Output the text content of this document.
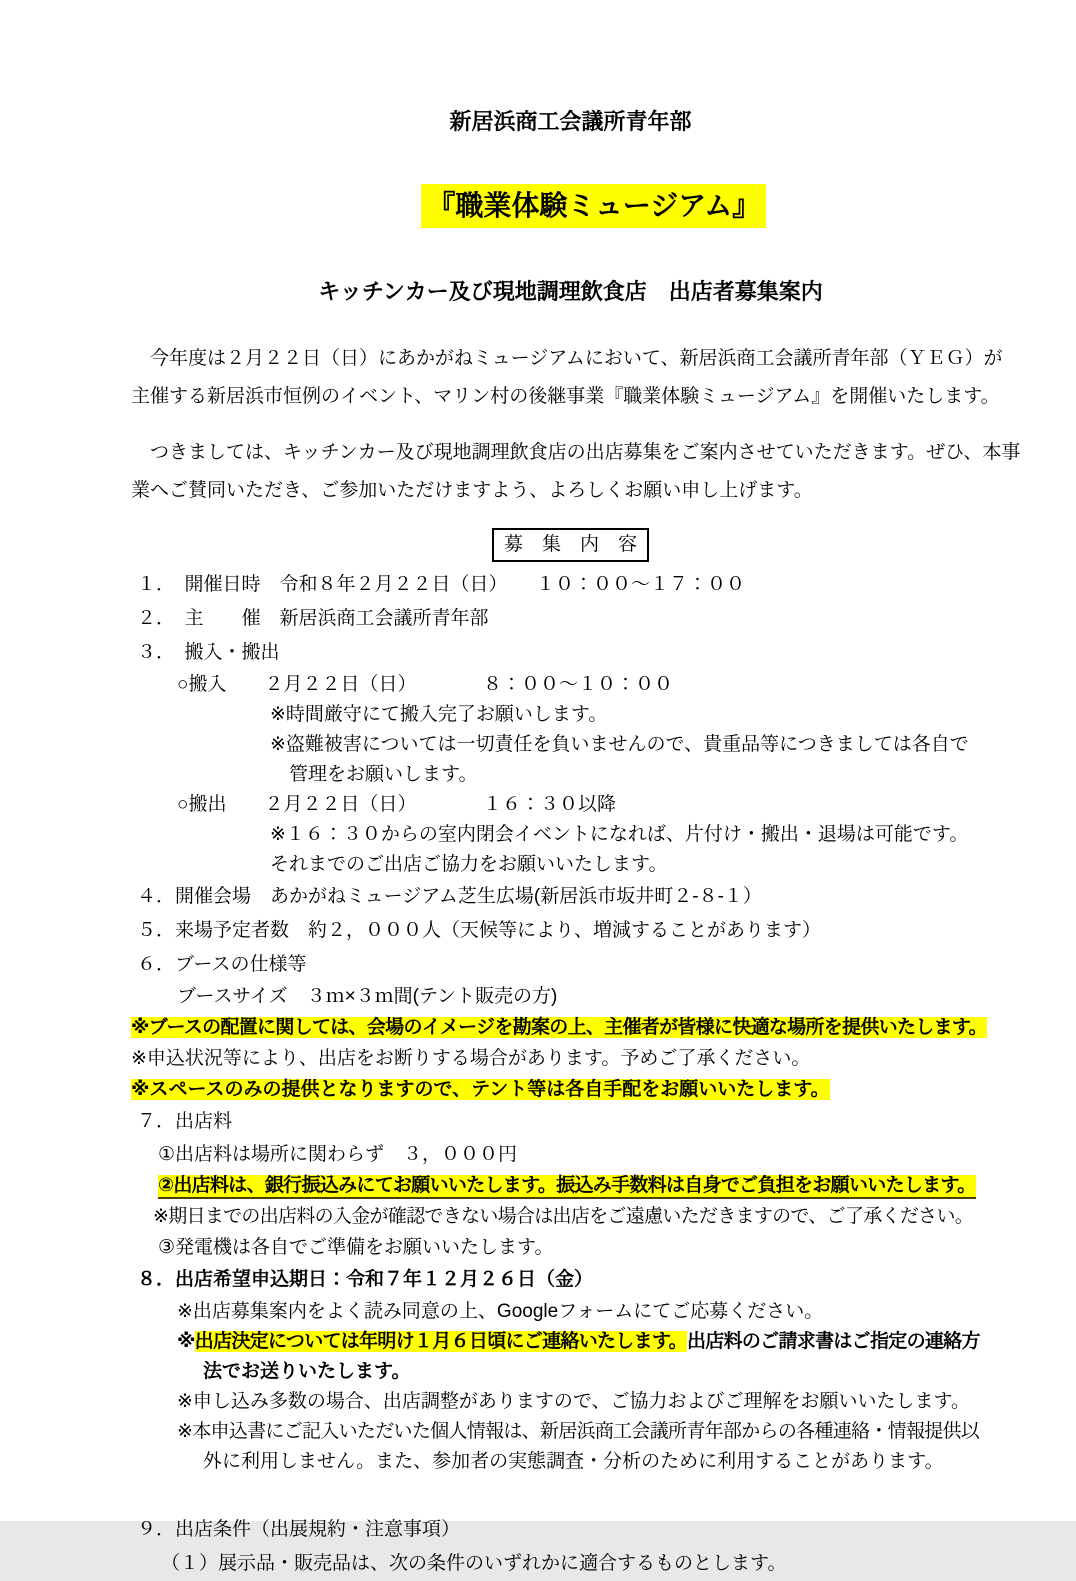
新居浜商工会議所青年部

『職業体験ミュージアム』

キッチンカー及び現地調理飲食店　出店者募集案内
　今年度は２月２２日（日）にあかがねミュージアムにおいて、新居浜商工会議所青年部（ＹＥＧ）が
主催する新居浜市恒例のイベント、マリン村の後継事業『職業体験ミュージアム』を開催いたします。
　つきましては、キッチンカー及び現地調理飲食店の出店募集をご案内させていただきます。ぜひ、本事
業へご賛同いただき、ご参加いただけますよう、よろしくお願い申し上げます。
募　集　内　容
１．　開催日時　令和８年２月２２日（日）　　１０：００～１７：００
２．　主　　催　新居浜商工会議所青年部
３．　搬入・搬出
○搬入　　２月２２日（日）　　　　８：００～１０：００
※時間厳守にて搬入完了お願いします。
※盗難被害については一切責任を負いませんので、貴重品等につきましては各自で
管理をお願いします。
○搬出　　２月２２日（日）　　　　１６：３０以降
※１６：３０からの室内閉会イベントになれば、片付け・搬出・退場は可能です。
それまでのご出店ご協力をお願いいたします。
４．開催会場　あかがねミュージアム芝生広場(新居浜市坂井町２-８-１）
５．来場予定者数　約２，０００人（天候等により、増減することがあります）
６．ブースの仕様等
ブースサイズ　３ｍ×３ｍ間(テント販売の方)
※ブースの配置に関しては、会場のイメージを勘案の上、主催者が皆様に快適な場所を提供いたします。
※申込状況等により、出店をお断りする場合があります。予めご了承ください。
※スペースのみの提供となりますので、テント等は各自手配をお願いいたします。
７．出店料
①出店料は場所に関わらず　３，０００円
②出店料は、銀行振込みにてお願いいたします。振込み手数料は自身でご負担をお願いいたします。
※期日までの出店料の入金が確認できない場合は出店をご遠慮いただきますので、ご了承ください。
③発電機は各自でご準備をお願いいたします。
８．出店希望申込期日：令和７年１２月２６日（金）
※出店募集案内をよく読み同意の上、Googleフォームにてご応募ください。
※出店決定については年明け１月６日頃にご連絡いたします。出店料のご請求書はご指定の連絡方
法でお送りいたします。
※申し込み多数の場合、出店調整がありますので、ご協力およびご理解をお願いいたします。
※本申込書にご記入いただいた個人情報は、新居浜商工会議所青年部からの各種連絡・情報提供以
外に利用しません。また、参加者の実態調査・分析のために利用することがあります。
９．出店条件（出展規約・注意事項）
（１）展示品・販売品は、次の条件のいずれかに適合するものとします。
